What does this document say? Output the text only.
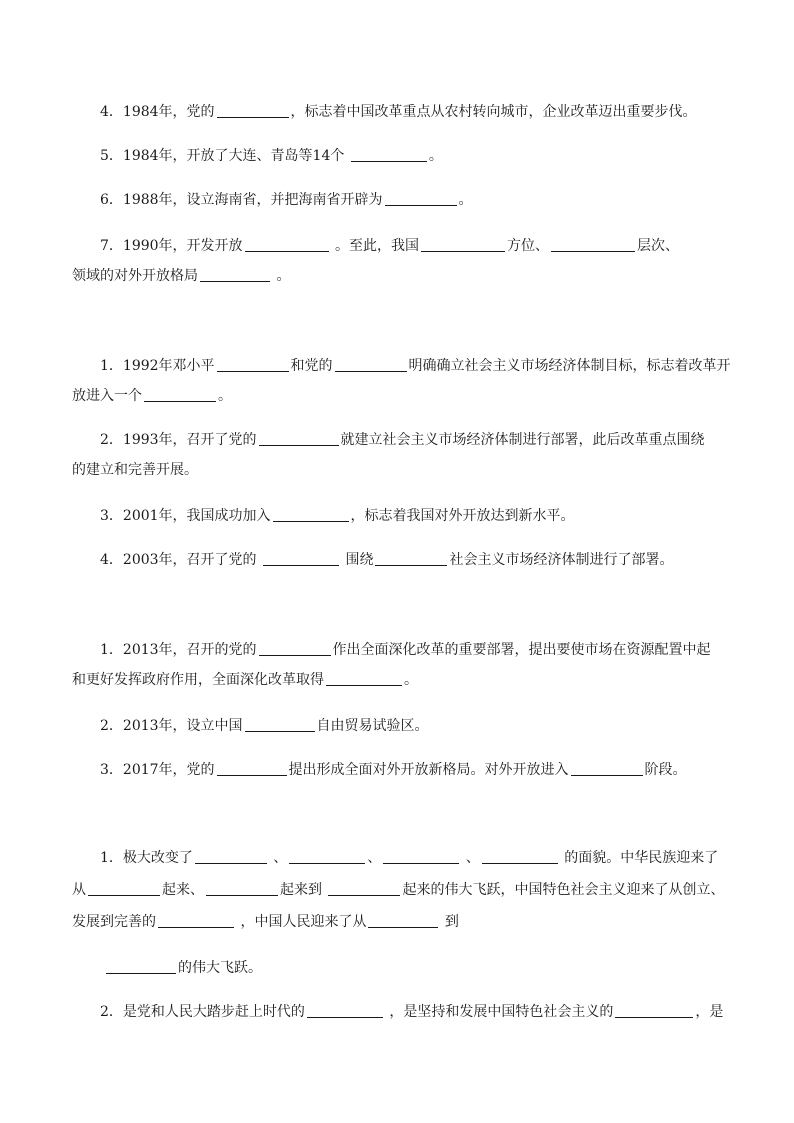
4．1984年，党的	，标志着中国改革重点从农村转向城市，企业改革迈出重要步伐。
5．1984年，开放了大连、青岛等14个	。
6．1988年，设立海南省，并把海南省开辟为	。
7．1990年，开发开放	。至此，我国	方位、	层次、
领域的对外开放格局	。
1．1992年邓小平	和党的	明确确立社会主义市场经济体制目标，标志着改革开
放进入一个	。
2．1993年，召开了党的	就建立社会主义市场经济体制进行部署，此后改革重点围绕
的建立和完善开展。
3．2001年，我国成功加入	，标志着我国对外开放达到新水平。
4．2003年，召开了党的	围绕	社会主义市场经济体制进行了部署。
1．2013年，召开的党的	作出全面深化改革的重要部署，提出要使市场在资源配置中起
和更好发挥政府作用，全面深化改革取得	。
2．2013年，设立中国	自由贸易试验区。
3．2017年，党的	提出形成全面对外开放新格局。对外开放进入	阶段。
1．极大改变了	、	、	、	的面貌。中华民族迎来了
从	起来、	起来到	起来的伟大飞跃，中国特色社会主义迎来了从创立、
发展到完善的	，中国人民迎来了从	到
的伟大飞跃。
2．是党和人民大踏步赶上时代的	，是坚持和发展中国特色社会主义的	，是
